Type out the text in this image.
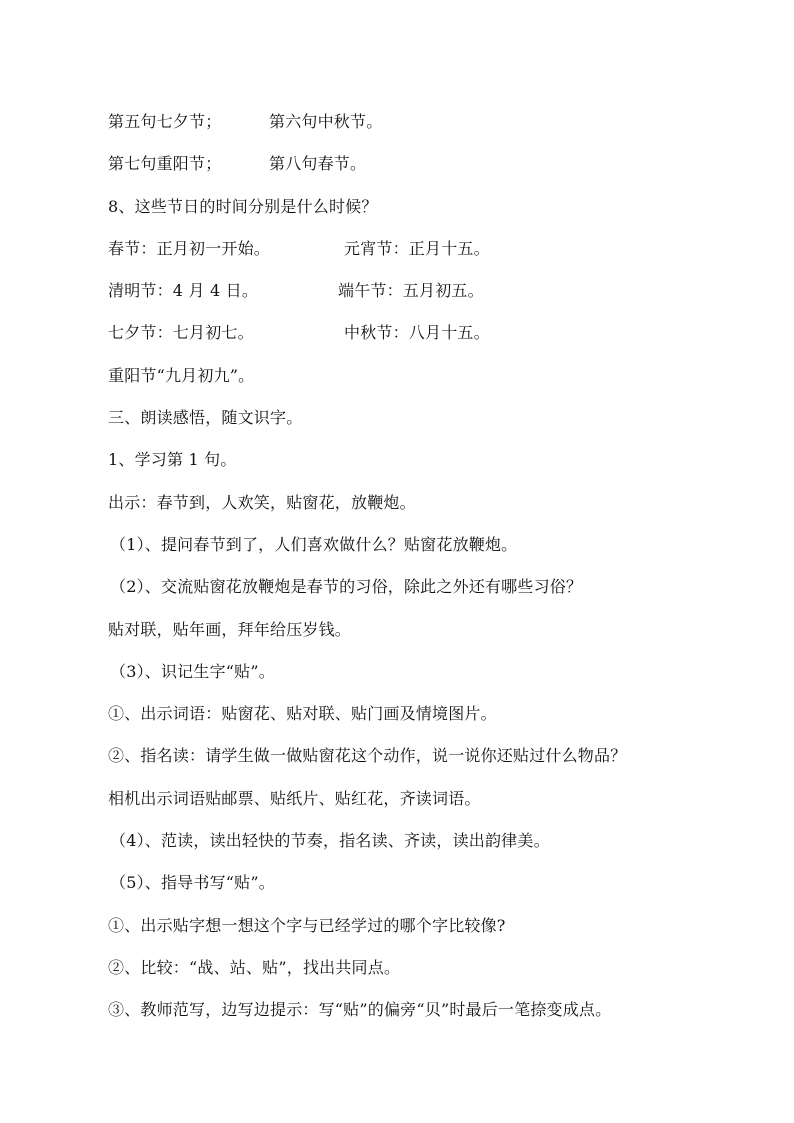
第五句七夕节；	第六句中秋节。
第七句重阳节；	第八句春节。
8、这些节日的时间分别是什么时候？
春节：正月初一开始。	元宵节：正月十五。
清明节：4 月 4 日。	端午节：五月初五。
七夕节：七月初七。	中秋节：八月十五。
重阳节“九月初九”。
三、朗读感悟，随文识字。
1、学习第 1 句。
出示：春节到，人欢笑，贴窗花，放鞭炮。
（1）、提问春节到了，人们喜欢做什么？贴窗花放鞭炮。
（2）、交流贴窗花放鞭炮是春节的习俗，除此之外还有哪些习俗？
贴对联，贴年画，拜年给压岁钱。
（3）、识记生字“贴”。
①、出示词语：贴窗花、贴对联、贴门画及情境图片。
②、指名读：请学生做一做贴窗花这个动作，说一说你还贴过什么物品？
相机出示词语贴邮票、贴纸片、贴红花，齐读词语。
（4）、范读，读出轻快的节奏，指名读、齐读，读出韵律美。
（5）、指导书写“贴”。
①、出示贴字想一想这个字与已经学过的哪个字比较像?
②、比较：“战、站、贴”，找出共同点。
③、教师范写，边写边提示：写“贴”的偏旁“贝”时最后一笔捺变成点。
